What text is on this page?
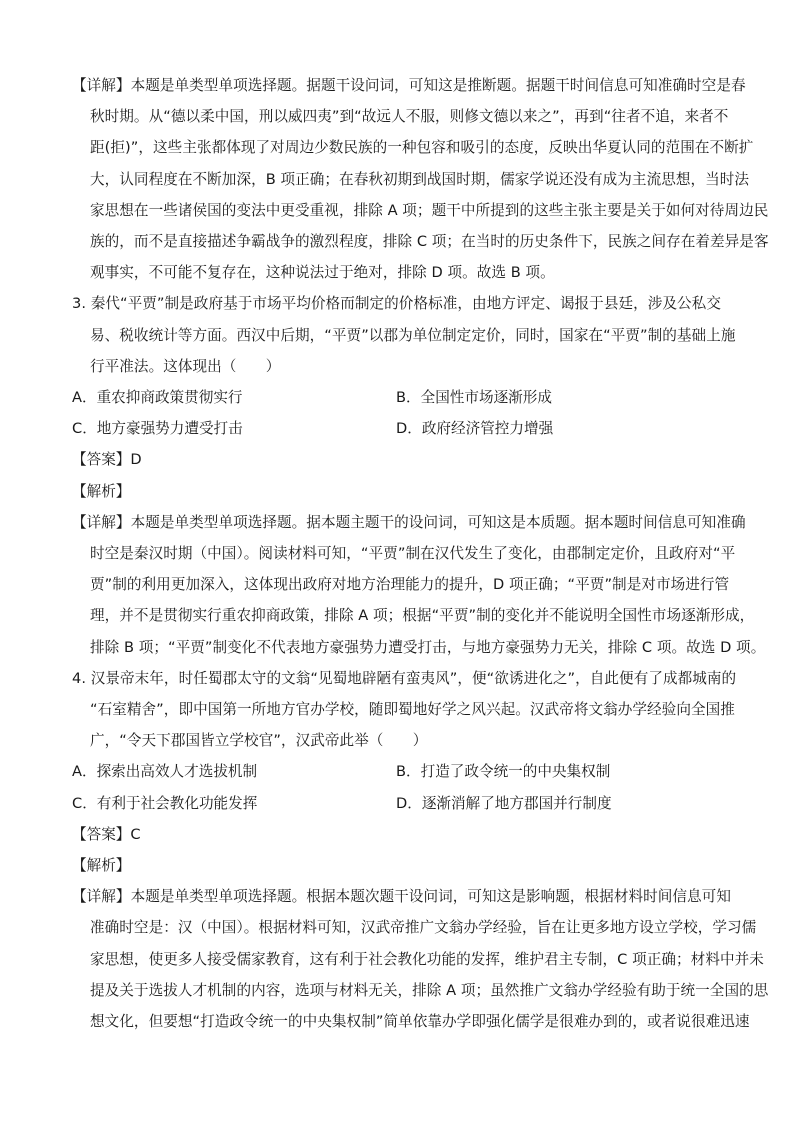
【详解】本题是单类型单项选择题。据题干设问词，可知这是推断题。据题干时间信息可知准确时空是春
秋时期。从“德以柔中国，刑以威四夷”到“故远人不服，则修文德以来之”，再到“往者不追，来者不
距(拒)”，这些主张都体现了对周边少数民族的一种包容和吸引的态度，反映出华夏认同的范围在不断扩
大，认同程度在不断加深，B 项正确；在春秋初期到战国时期，儒家学说还没有成为主流思想，当时法
家思想在一些诸侯国的变法中更受重视，排除 A 项；题干中所提到的这些主张主要是关于如何对待周边民
族的，而不是直接描述争霸战争的激烈程度，排除 C 项；在当时的历史条件下，民族之间存在着差异是客
观事实，不可能不复存在，这种说法过于绝对，排除 D 项。故选 B 项。

3. 秦代“平贾”制是政府基于市场平均价格而制定的价格标准，由地方评定、谒报于县廷，涉及公私交
易、税收统计等方面。西汉中后期，“平贾”以郡为单位制定定价，同时，国家在“平贾”制的基础上施
行平准法。这体现出（　　）

A．重农抑商政策贯彻实行	B．全国性市场逐渐形成
C．地方豪强势力遭受打击	D．政府经济管控力增强

【答案】D

【解析】

【详解】本题是单类型单项选择题。据本题主题干的设问词，可知这是本质题。据本题时间信息可知准确
时空是秦汉时期（中国）。阅读材料可知，“平贾”制在汉代发生了变化，由郡制定定价，且政府对“平
贾”制的利用更加深入，这体现出政府对地方治理能力的提升，D 项正确；“平贾”制是对市场进行管
理，并不是贯彻实行重农抑商政策，排除 A 项；根据“平贾”制的变化并不能说明全国性市场逐渐形成，
排除 B 项；“平贾”制变化不代表地方豪强势力遭受打击，与地方豪强势力无关，排除 C 项。故选 D 项。

4. 汉景帝末年，时任蜀郡太守的文翁“见蜀地辟陋有蛮夷风”，便“欲诱进化之”，自此便有了成都城南的
“石室精舍”，即中国第一所地方官办学校，随即蜀地好学之风兴起。汉武帝将文翁办学经验向全国推
广，“令天下郡国皆立学校官”，汉武帝此举（　　）

A．探索出高效人才选拔机制	B．打造了政令统一的中央集权制
C．有利于社会教化功能发挥	D．逐渐消解了地方郡国并行制度

【答案】C

【解析】

【详解】本题是单类型单项选择题。根据本题次题干设问词，可知这是影响题，根据材料时间信息可知
准确时空是：汉（中国）。根据材料可知，汉武帝推广文翁办学经验，旨在让更多地方设立学校，学习儒
家思想，使更多人接受儒家教育，这有利于社会教化功能的发挥，维护君主专制，C 项正确；材料中并未
提及关于选拔人才机制的内容，选项与材料无关，排除 A 项；虽然推广文翁办学经验有助于统一全国的思
想文化，但要想“打造政令统一的中央集权制”简单依靠办学即强化儒学是很难办到的，或者说很难迅速
